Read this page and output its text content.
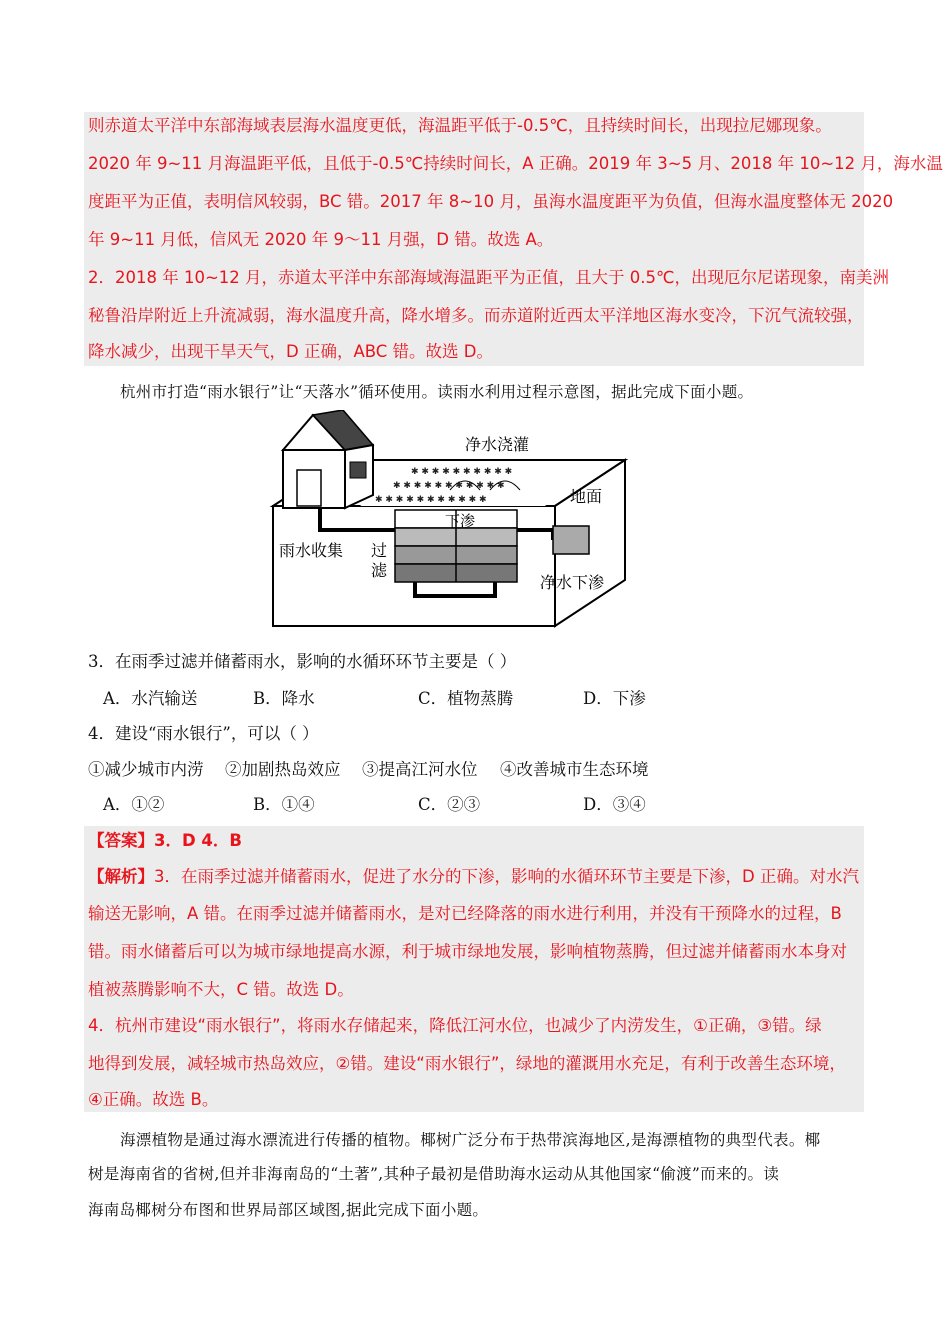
则赤道太平洋中东部海域表层海水温度更低，海温距平低于-0.5℃，且持续时间长，出现拉尼娜现象。
2020 年 9~11 月海温距平低，且低于-0.5℃持续时间长，A 正确。2019 年 3~5 月、2018 年 10~12 月，海水温
度距平为正值，表明信风较弱，BC 错。2017 年 8~10 月，虽海水温度距平为负值，但海水温度整体无 2020
年 9~11 月低，信风无 2020 年 9～11 月强，D 错。故选 A。
2．2018 年 10~12 月，赤道太平洋中东部海域海温距平为正值，且大于 0.5℃，出现厄尔尼诺现象，南美洲
秘鲁沿岸附近上升流减弱，海水温度升高，降水增多。而赤道附近西太平洋地区海水变冷，下沉气流较强，
降水减少，出现干旱天气，D 正确，ABC 错。故选 D。
杭州市打造“雨水银行”让“天落水”循环使用。读雨水利用过程示意图，据此完成下面小题。
✱ ✱ ✱ ✱ ✱ ✱ ✱ ✱ ✱ ✱ ✱
✱ ✱ ✱ ✱ ✱ ✱ ✱ ✱ ✱ ✱ ✱
✱ ✱ ✱ ✱ ✱ ✱ ✱ ✱ ✱ ✱
净水浇灌
地面
下渗
雨水收集 过
滤
净水下渗
3．在雨季过滤并储蓄雨水，影响的水循环环节主要是（ ）
A．水汽输送	B．降水	C．植物蒸腾	D．下渗
4．建设“雨水银行”，可以（ ）
①减少城市内涝 ②加剧热岛效应 ③提高江河水位 ④改善城市生态环境
A．①②	B．①④	C．②③	D．③④
【答案】3．D 4．B
【解析】3．在雨季过滤并储蓄雨水，促进了水分的下渗，影响的水循环环节主要是下渗，D 正确。对水汽
输送无影响，A 错。在雨季过滤并储蓄雨水，是对已经降落的雨水进行利用，并没有干预降水的过程，B
错。雨水储蓄后可以为城市绿地提高水源，利于城市绿地发展，影响植物蒸腾，但过滤并储蓄雨水本身对
植被蒸腾影响不大，C 错。故选 D。
4．杭州市建设“雨水银行”，将雨水存储起来，降低江河水位，也减少了内涝发生，①正确，③错。绿
地得到发展，减轻城市热岛效应，②错。建设“雨水银行”，绿地的灌溉用水充足，有利于改善生态环境，
④正确。故选 B。
海漂植物是通过海水漂流进行传播的植物。椰树广泛分布于热带滨海地区,是海漂植物的典型代表。椰
树是海南省的省树,但并非海南岛的“土著”,其种子最初是借助海水运动从其他国家“偷渡”而来的。读
海南岛椰树分布图和世界局部区域图,据此完成下面小题。
